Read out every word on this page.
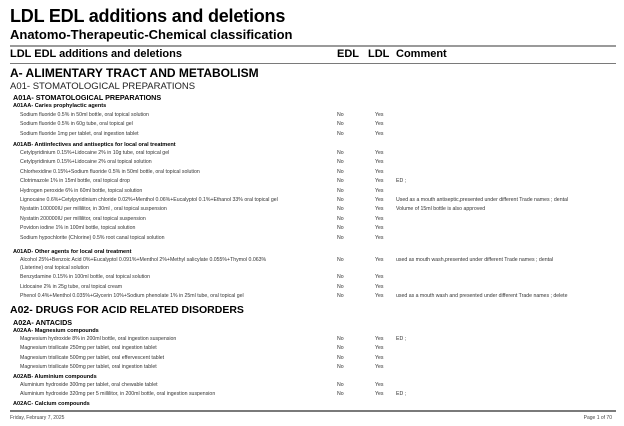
LDL EDL additions and deletions
Anatomo-Therapeutic-Chemical classification
LDL EDL additions and deletions	EDL LDL Comment
A- ALIMENTARY TRACT AND METABOLISM
A01- STOMATOLOGICAL PREPARATIONS
A01A- STOMATOLOGICAL PREPARATIONS
A01AA- Caries prophylactic agents
Sodium fluoride 0.5% in 50ml bottle, oral topical solution	No	Yes
Sodium fluoride 0.5% in 60g tube, oral topical gel	No	Yes
Sodium fluoride 1mg per tablet, oral ingestion tablet	No	Yes
A01AB- Antiinfectives and antiseptics for local oral treatment
Cetylpyridinium 0.15%+Lidocaine 2% in 10g tube, oral topical gel	No	Yes
Cetylpyridinium 0.15%+Lidocaine 2% oral topical solution	No	Yes
Chlorhexidine 0.15%+Sodium fluoride 0.5% in 50ml bottle, oral topical solution	No	Yes
Clotrimazole 1% in 15ml bottle, oral topical drop	No	Yes ED ;
Hydrogen peroxide 6% in 60ml bottle, topical solution	No	Yes
Lignocaine 0.6%+Cetylpyridinium chloride 0.02%+Menthol 0.06%+Eucalyptol 0.1%+Ethanol 33% oral topical gel	No	Yes Used as a mouth antiseptic,presented under different Trade names ; dental
Nystatin 100000IU per millilitor, in 30ml , oral topical suspension	No	Yes Volume of 15ml bottle is also approved
Nystatin 200000IU per millilitor, oral topical suspension	No	Yes
Povidon iodine 1% in 100ml bottle, topical solution	No	Yes
Sodium hypochlorite (Chlorine) 0.5% root canal topical solution	No	Yes
A01AD- Other agents for local oral treatment
Alcohol 25%+Benzoic Acid 0%+Eucalyptol 0.091%+Menthol 2%+Methyl salicylate 0.055%+Thymol 0.063%	No	Yes used as mouth wash,presented under different Trade names ; dental
(Listerine) oral topical solution
Benzydamine 0.15% in 100ml bottle, oral topical solution	No	Yes
Lidocaine 2% in 25g tube, oral topical cream	No	Yes
Phenol 0.4%+Menthol 0.035%+Glycerin 10%+Sodium phenolate 1% in 25ml tube, oral topical gel	No	Yes used as a mouth wash and presented under different Trade names ; delete
A02- DRUGS FOR ACID RELATED DISORDERS
A02A- ANTACIDS
A02AA- Magnesium compounds
Magnesium hydroxide 8% in 200ml bottle, oral ingestion suspension	No	Yes ED ;
Magnesium trisilicate 250mg per tablet, oral ingestion tablet	No	Yes
Magnesium trisilicate 500mg per tablet, oral effervescent tablet	No	Yes
Magnesium trisilicate 500mg per tablet, oral ingestion tablet	No	Yes
A02AB- Aluminium compounds
Aluminium hydroxide 300mg per tablet, oral chewable tablet	No	Yes
Aluminium hydroxide 320mg per 5 millilitor, in 200ml bottle, oral ingestion suspension	No	Yes ED ;
A02AC- Calcium compounds
Friday, February 7, 2025	Page 1 of 70
